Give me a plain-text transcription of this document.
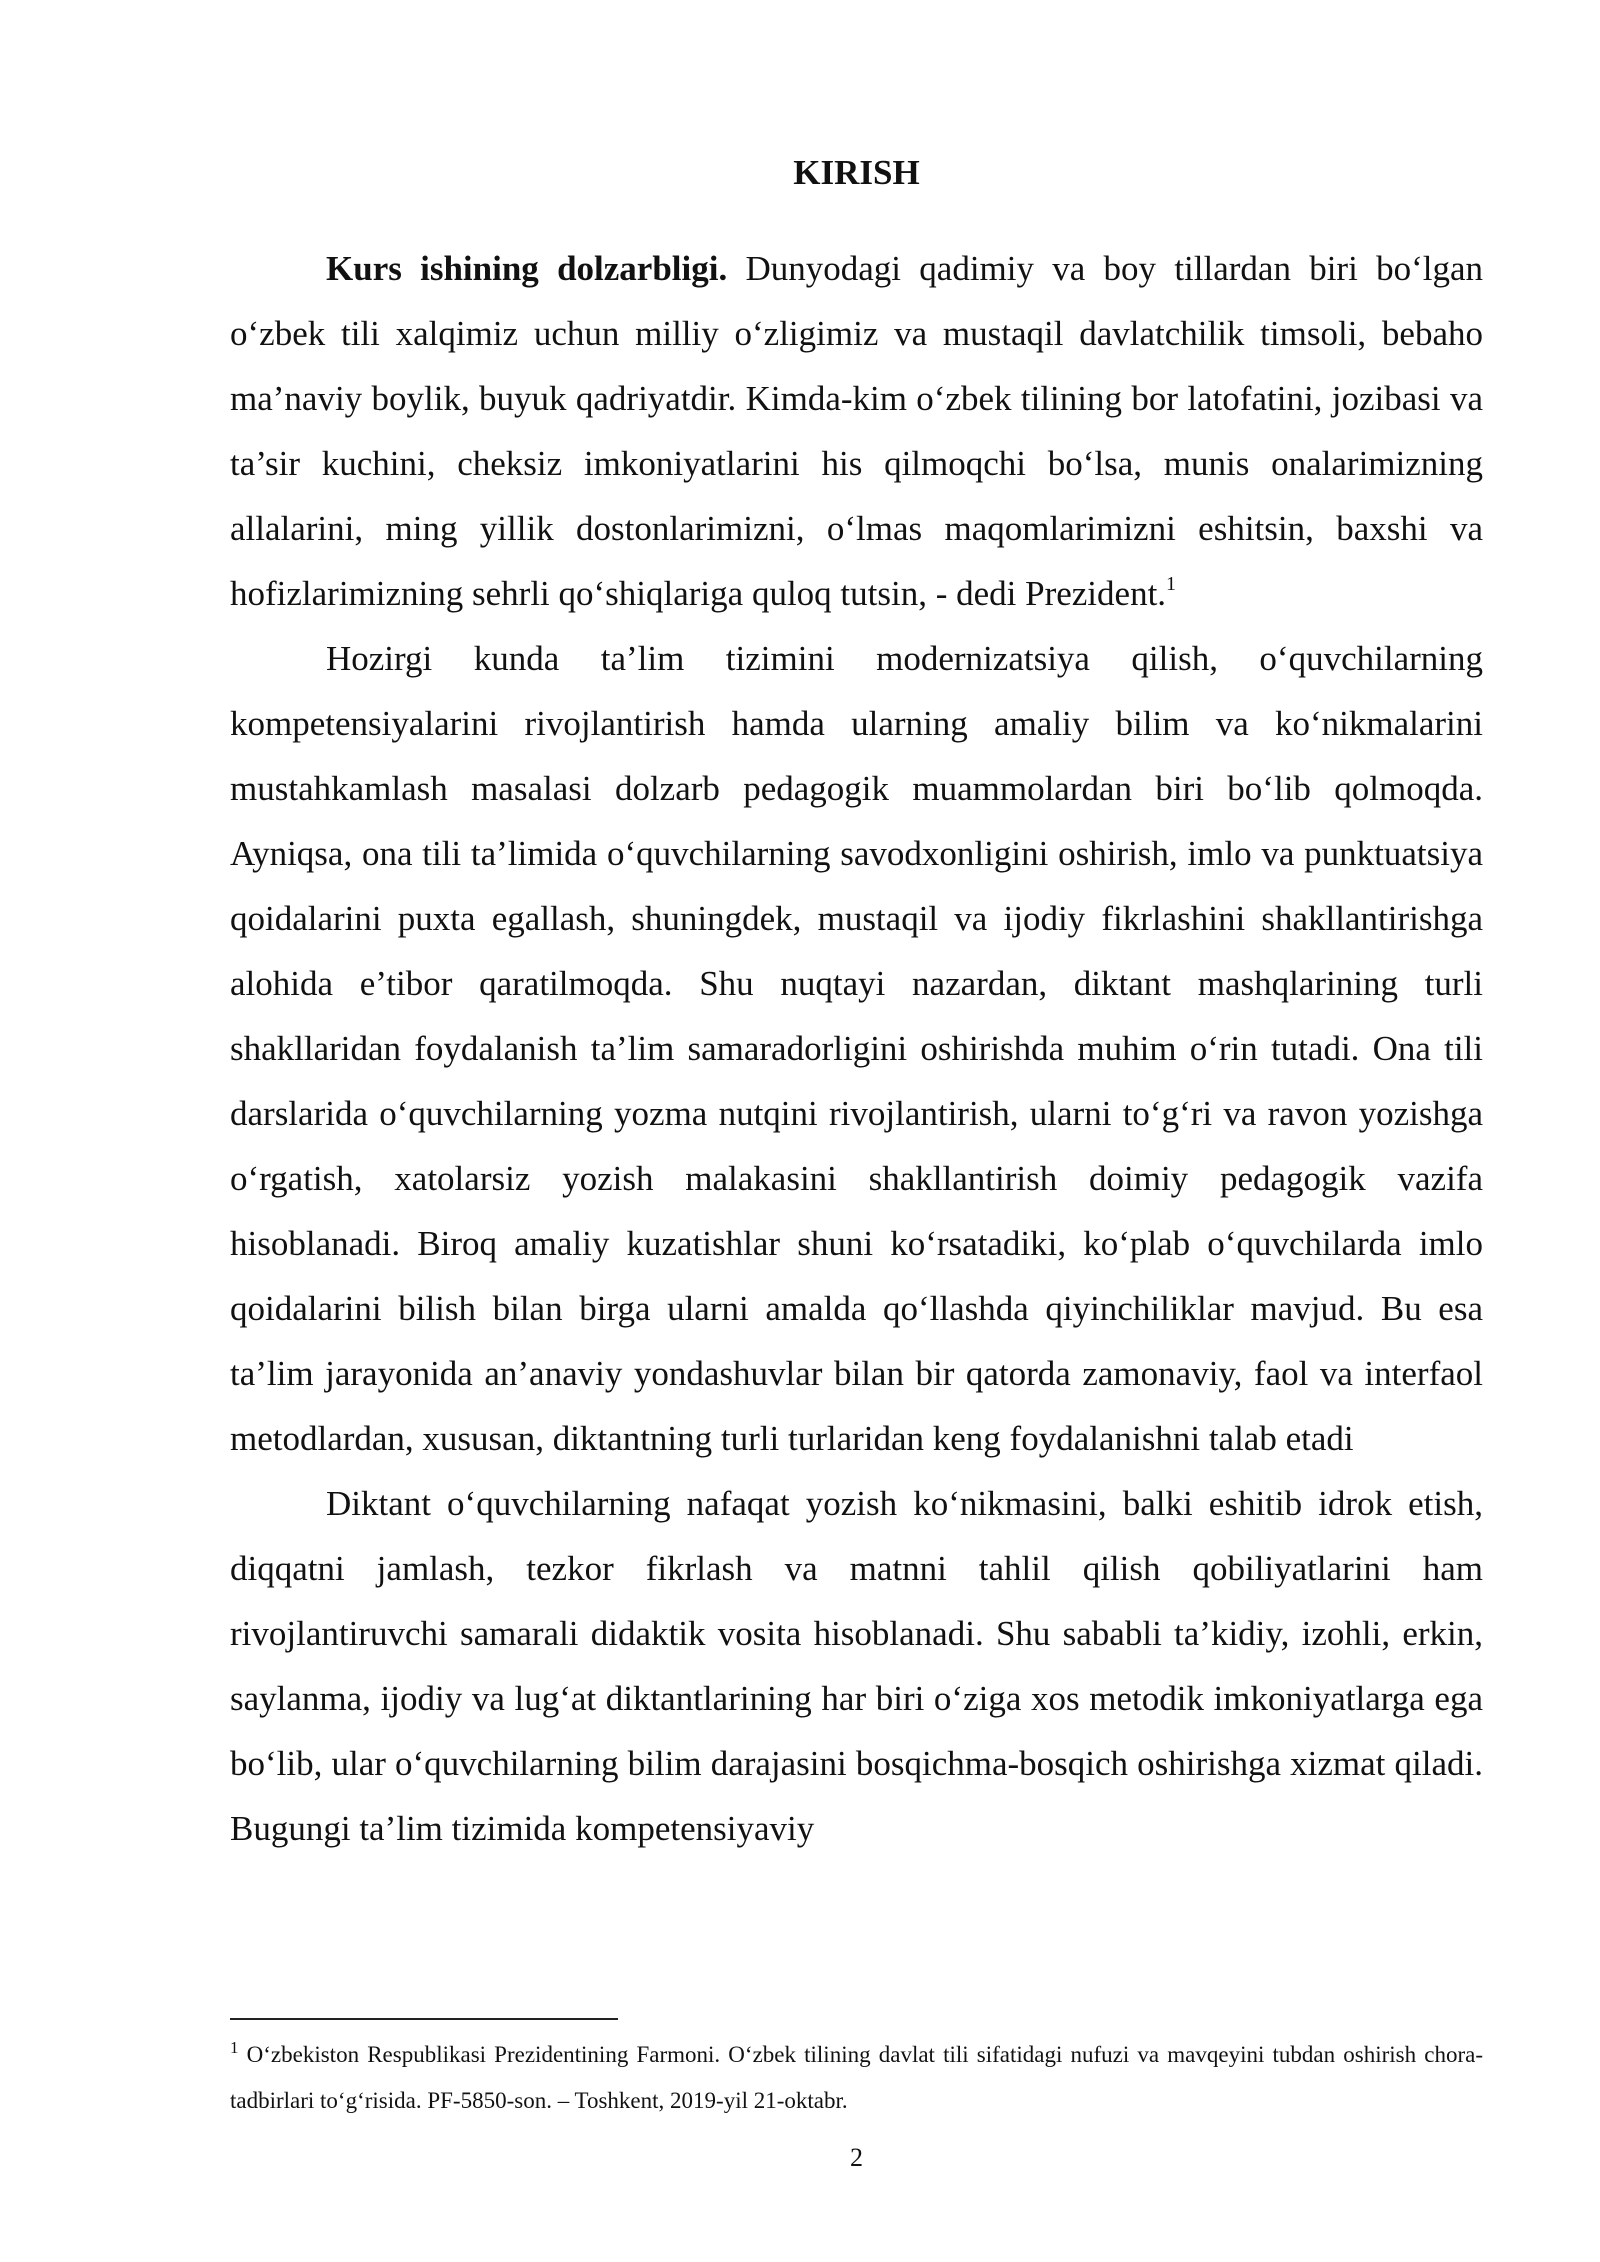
KIRISH

Kurs ishining dolzarbligi. Dunyodagi qadimiy va boy tillardan biri bo‘lgan o‘zbek tili xalqimiz uchun milliy o‘zligimiz va mustaqil davlatchilik timsoli, bebaho ma’naviy boylik, buyuk qadriyatdir. Kimda-kim o‘zbek tilining bor latofatini, jozibasi va ta’sir kuchini, cheksiz imkoniyatlarini his qilmoqchi bo‘lsa, munis onalarimizning allalarini, ming yillik dostonlarimizni, o‘lmas maqomlarimizni eshitsin, baxshi va hofizlarimizning sehrli qo‘shiqlariga quloq tutsin, - dedi Prezident.$^1$

Hozirgi kunda ta’lim tizimini modernizatsiya qilish, o‘quvchilarning kompetensiyalarini rivojlantirish hamda ularning amaliy bilim va ko‘nikmalarini mustahkamlash masalasi dolzarb pedagogik muammolardan biri bo‘lib qolmoqda. Ayniqsa, ona tili ta’limida o‘quvchilarning savodxonligini oshirish, imlo va punktuatsiya qoidalarini puxta egallash, shuningdek, mustaqil va ijodiy fikrlashini shakllantirishga alohida e’tibor qaratilmoqda. Shu nuqtayi nazardan, diktant mashqlarining turli shakllaridan foydalanish ta’lim samaradorligini oshirishda muhim o‘rin tutadi. Ona tili darslarida o‘quvchilarning yozma nutqini rivojlantirish, ularni to‘g‘ri va ravon yozishga o‘rgatish, xatolarsiz yozish malakasini shakllantirish doimiy pedagogik vazifa hisoblanadi. Biroq amaliy kuzatishlar shuni ko‘rsatadiki, ko‘plab o‘quvchilarda imlo qoidalarini bilish bilan birga ularni amalda qo‘llashda qiyinchiliklar mavjud. Bu esa ta’lim jarayonida an’anaviy yondashuvlar bilan bir qatorda zamonaviy, faol va interfaol metodlardan, xususan, diktantning turli turlaridan keng foydalanishni talab etadi

Diktant o‘quvchilarning nafaqat yozish ko‘nikmasini, balki eshitib idrok etish, diqqatni jamlash, tezkor fikrlash va matnni tahlil qilish qobiliyatlarini ham rivojlantiruvchi samarali didaktik vosita hisoblanadi. Shu sababli ta’kidiy, izohli, erkin, saylanma, ijodiy va lug‘at diktantlarining har biri o‘ziga xos metodik imkoniyatlarga ega bo‘lib, ular o‘quvchilarning bilim darajasini bosqichma-bosqich oshirishga xizmat qiladi. Bugungi ta’lim tizimida kompetensiyaviy

$^1$ O‘zbekiston Respublikasi Prezidentining Farmoni. O‘zbek tilining davlat tili sifatidagi nufuzi va mavqeyini tubdan oshirish chora-tadbirlari to‘g‘risida. PF-5850-son. – Toshkent, 2019-yil 21-oktabr.

2
